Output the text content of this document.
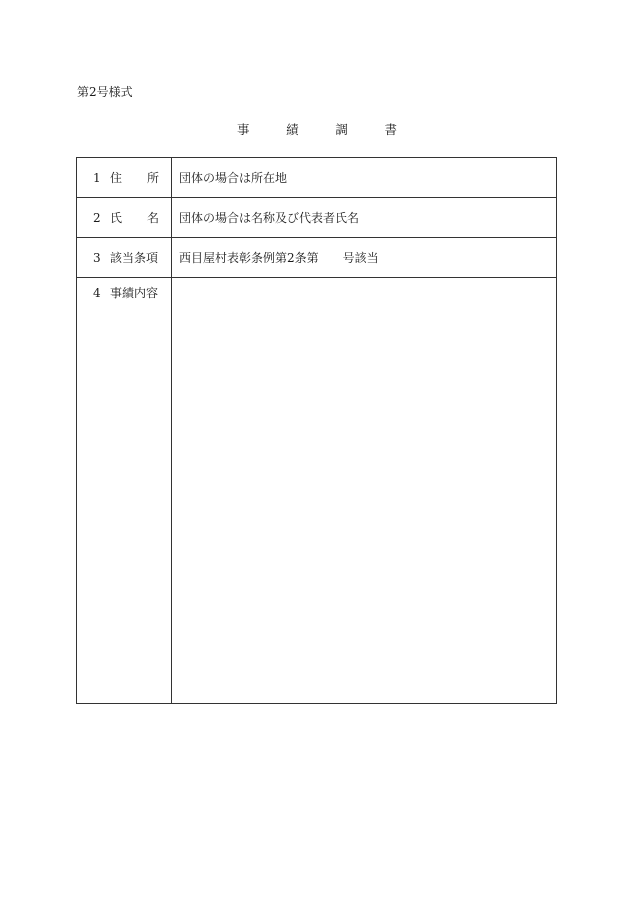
第2号様式
事	績	調	書
1 住 所 団体の場合は所在地
2 氏 名 団体の場合は名称及び代表者氏名
3 該当条項 西目屋村表彰条例第2条第　　号該当
4 事績内容
